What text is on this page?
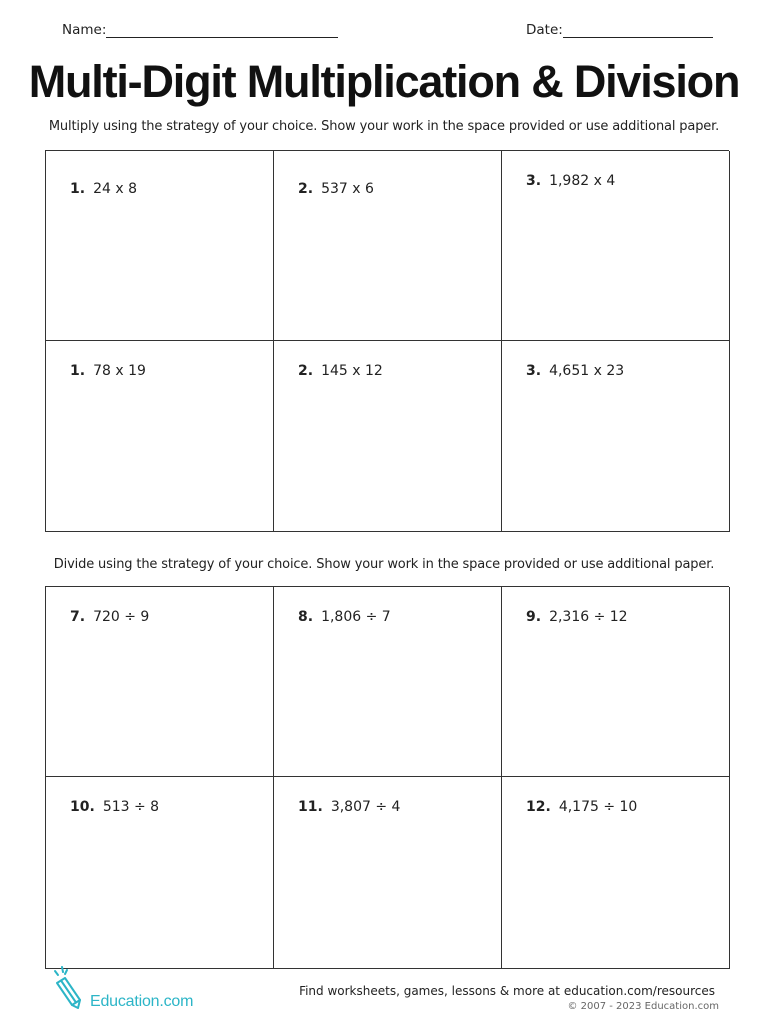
Name:	Date:
Multi-Digit Multiplication & Division
Multiply using the strategy of your choice. Show your work in the space provided or use additional paper.
1. 24 x 8	2. 537 x 6	3. 1,982 x 4
1. 78 x 19	2. 145 x 12	3. 4,651 x 23
Divide using the strategy of your choice. Show your work in the space provided or use additional paper.
7. 720 ÷ 9	8. 1,806 ÷ 7	9. 2,316 ÷ 12
10. 513 ÷ 8	11. 3,807 ÷ 4	12. 4,175 ÷ 10
Education.com
Find worksheets, games, lessons & more at education.com/resources
© 2007 - 2023 Education.com
